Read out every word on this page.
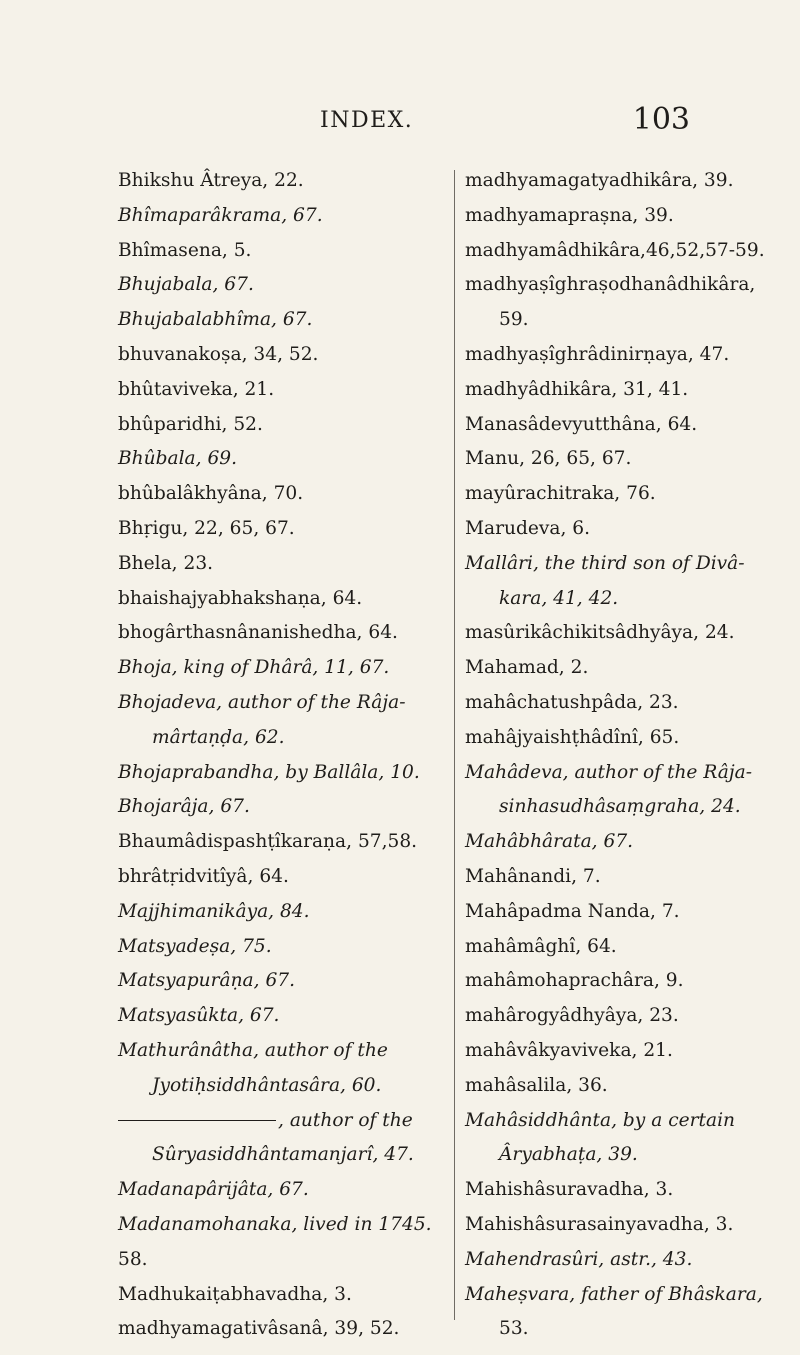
INDEX.	103
Bhikshu Âtreya, 22.
Bhîmaparâkrama, 67.
Bhîmasena, 5.
Bhujabala, 67.
Bhujabalabhîma, 67.
bhuvanakoṣa, 34, 52.
bhûtaviveka, 21.
bhûparidhi, 52.
Bhûbala, 69.
bhûbalâkhyâna, 70.
Bhṛigu, 22, 65, 67.
Bhela, 23.
bhaishajyabhakshaṇa, 64.
bhogârthasnânanishedha, 64.
Bhoja, king of Dhârâ, 11, 67.
Bhojadeva, author of the Râja-
mârtaṇḍa, 62.
Bhojaprabandha, by Ballâla, 10.
Bhojarâja, 67.
Bhaumâdispashṭîkaraṇa, 57,58.
bhrâtṛidvitîyâ, 64.
Majjhimanikâya, 84.
Matsyadeṣa, 75.
Matsyapurâṇa, 67.
Matsyasûkta, 67.
Mathurânâtha, author of the
Jyotiḥsiddhântasâra, 60.
, author of the
Sûryasiddhântamanjarî, 47.
Madanapârijâta, 67.
Madanamohanaka, lived in 1745.
58.
Madhukaiṭabhavadha, 3.
madhyamagativâsanâ, 39, 52.
madhyamagatyadhikâra, 39.
madhyamapraṣna, 39.
madhyamâdhikâra,46,52,57-59.
madhyaṣîghraṣodhanâdhikâra,
59.
madhyaṣîghrâdinirṇaya, 47.
madhyâdhikâra, 31, 41.
Manasâdevyutthâna, 64.
Manu, 26, 65, 67.
mayûrachitraka, 76.
Marudeva, 6.
Mallâri, the third son of Divâ-
kara, 41, 42.
masûrikâchikitsâdhyâya, 24.
Mahamad, 2.
mahâchatushpâda, 23.
mahâjyaishṭhâdînî, 65.
Mahâdeva, author of the Râja-
sinhasudhâsaṃgraha, 24.
Mahâbhârata, 67.
Mahânandi, 7.
Mahâpadma Nanda, 7.
mahâmâghî, 64.
mahâmohaprachâra, 9.
mahârogyâdhyâya, 23.
mahâvâkyaviveka, 21.
mahâsalila, 36.
Mahâsiddhânta, by a certain
Âryabhaṭa, 39.
Mahishâsuravadha, 3.
Mahishâsurasainyavadha, 3.
Mahendrasûri, astr., 43.
Maheṣvara, father of Bhâskara,
53.
